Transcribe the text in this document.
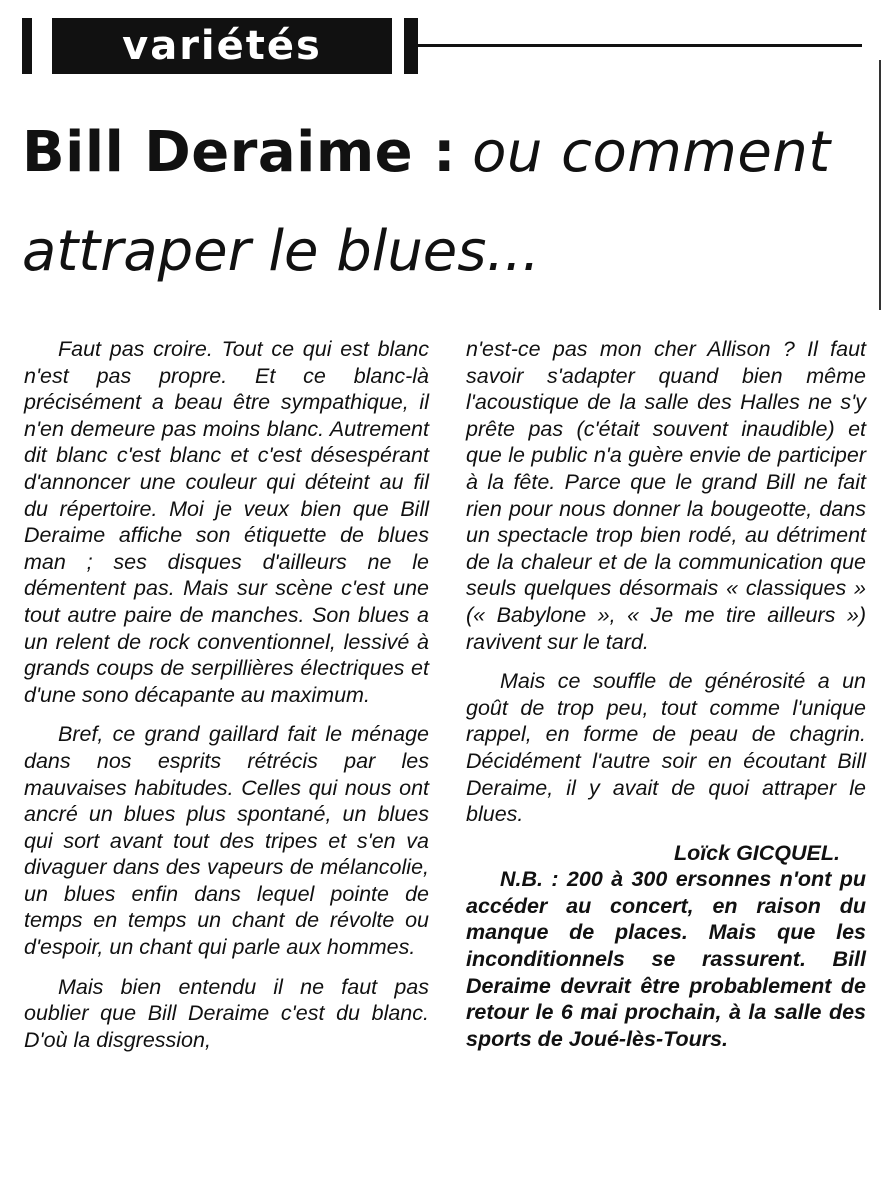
variétés
Bill Deraime : ou comment
attraper le blues...

Faut pas croire. Tout ce qui est blanc n'est pas propre. Et ce blanc-là précisément a beau être sympathique, il n'en demeure pas moins blanc. Autrement dit blanc c'est blanc et c'est désespérant d'annoncer une couleur qui déteint au fil du répertoire. Moi je veux bien que Bill Deraime affiche son étiquette de blues man ; ses disques d'ailleurs ne le démentent pas. Mais sur scène c'est une tout autre paire de manches. Son blues a un relent de rock conventionnel, lessivé à grands coups de serpillières électriques et d'une sono décapante au maximum.

Bref, ce grand gaillard fait le ménage dans nos esprits rétrécis par les mauvaises habitudes. Celles qui nous ont ancré un blues plus spontané, un blues qui sort avant tout des tripes et s'en va divaguer dans des vapeurs de mélancolie, un blues enfin dans lequel pointe de temps en temps un chant de révolte ou d'espoir, un chant qui parle aux hommes.

Mais bien entendu il ne faut pas oublier que Bill Deraime c'est du blanc. D'où la disgression,

n'est-ce pas mon cher Allison ? Il faut savoir s'adapter quand bien même l'acoustique de la salle des Halles ne s'y prête pas (c'était souvent inaudible) et que le public n'a guère envie de participer à la fête. Parce que le grand Bill ne fait rien pour nous donner la bougeotte, dans un spectacle trop bien rodé, au détriment de la chaleur et de la communication que seuls quelques désormais « classiques » (« Babylone », « Je me tire ailleurs ») ravivent sur le tard.

Mais ce souffle de générosité a un goût de trop peu, tout comme l'unique rappel, en forme de peau de chagrin. Décidément l'autre soir en écoutant Bill Deraime, il y avait de quoi attraper le blues.

Loïck GICQUEL.

N.B. : 200 à 300 ersonnes n'ont pu accéder au concert, en raison du manque de places. Mais que les inconditionnels se rassurent. Bill Deraime devrait être probablement de retour le 6 mai prochain, à la salle des sports de Joué-lès-Tours.
